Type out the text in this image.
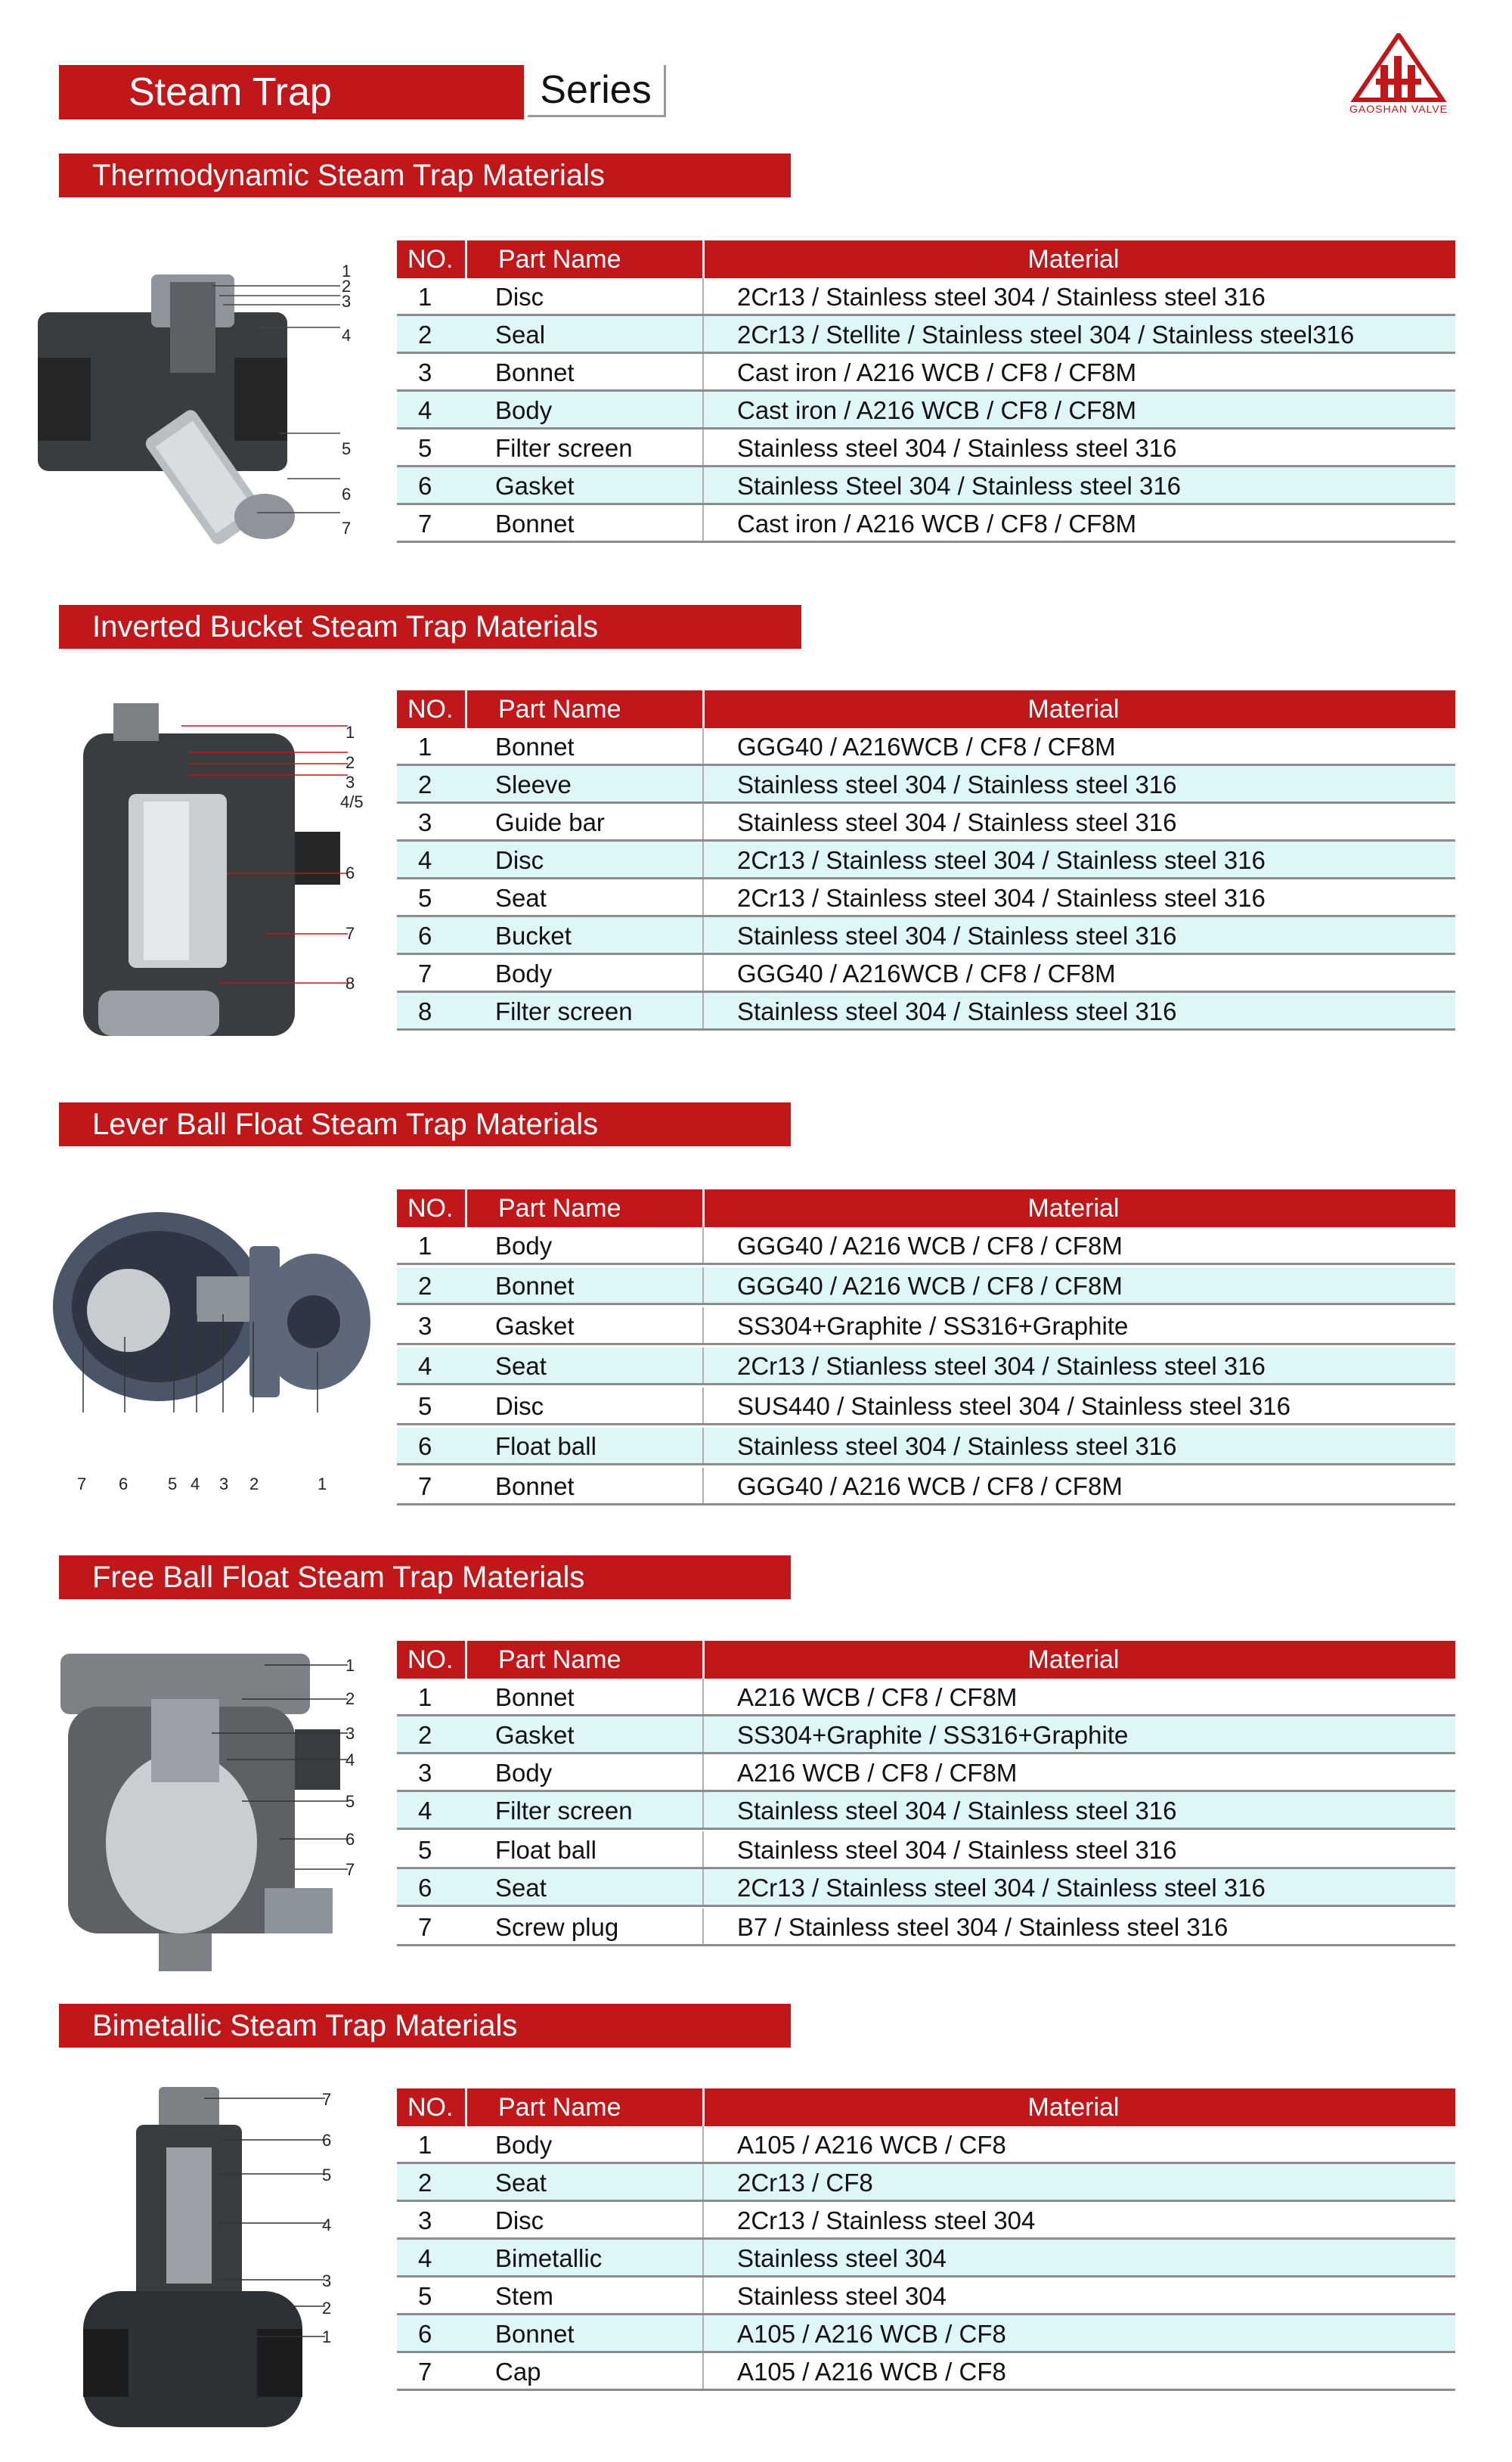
Steam Trap	Series	GAOSHAN VALVE
Thermodynamic Steam Trap Materials
1
2
3
4
5
6
7
NO. Part Name	Material
1	Disc	2Cr13 / Stainless steel 304 / Stainless steel 316
2	Seal	2Cr13 / Stellite / Stainless steel 304 / Stainless steel316
3	Bonnet	Cast iron / A216 WCB / CF8 / CF8M
4	Body	Cast iron / A216 WCB / CF8 / CF8M
5	Filter screen	Stainless steel 304 / Stainless steel 316
6	Gasket	Stainless Steel 304 / Stainless steel 316
7	Bonnet	Cast iron / A216 WCB / CF8 / CF8M
Inverted Bucket Steam Trap Materials
1
2
3
4/5
6
7
8
NO. Part Name	Material
1	Bonnet	GGG40 / A216WCB / CF8 / CF8M
2	Sleeve	Stainless steel 304 / Stainless steel 316
3	Guide bar	Stainless steel 304 / Stainless steel 316
4	Disc	2Cr13 / Stainless steel 304 / Stainless steel 316
5	Seat	2Cr13 / Stainless steel 304 / Stainless steel 316
6	Bucket	Stainless steel 304 / Stainless steel 316
7	Body	GGG40 / A216WCB / CF8 / CF8M
8	Filter screen	Stainless steel 304 / Stainless steel 316
Lever Ball Float Steam Trap Materials
7 6 5 4 3 2	1
NO. Part Name	Material
1	Body	GGG40 / A216 WCB / CF8 / CF8M
2	Bonnet	GGG40 / A216 WCB / CF8 / CF8M
3	Gasket	SS304+Graphite / SS316+Graphite
4	Seat	2Cr13 / Stianless steel 304 / Stainless steel 316
5	Disc	SUS440 / Stainless steel 304 / Stainless steel 316
6	Float ball	Stainless steel 304 / Stainless steel 316
7	Bonnet	GGG40 / A216 WCB / CF8 / CF8M
Free Ball Float Steam Trap Materials
1
2
3
4
5
6
7
NO. Part Name	Material
1	Bonnet	A216 WCB / CF8 / CF8M
2	Gasket	SS304+Graphite / SS316+Graphite
3	Body	A216 WCB / CF8 / CF8M
4	Filter screen	Stainless steel 304 / Stainless steel 316
5	Float ball	Stainless steel 304 / Stainless steel 316
6	Seat	2Cr13 / Stainless steel 304 / Stainless steel 316
7	Screw plug	B7 / Stainless steel 304 / Stainless steel 316
Bimetallic Steam Trap Materials
7
6
5
4
3
2
1
NO. Part Name	Material
1	Body	A105 / A216 WCB / CF8
2	Seat	2Cr13 / CF8
3	Disc	2Cr13 / Stainless steel 304
4	Bimetallic	Stainless steel 304
5	Stem	Stainless steel 304
6	Bonnet	A105 / A216 WCB / CF8
7	Cap	A105 / A216 WCB / CF8
